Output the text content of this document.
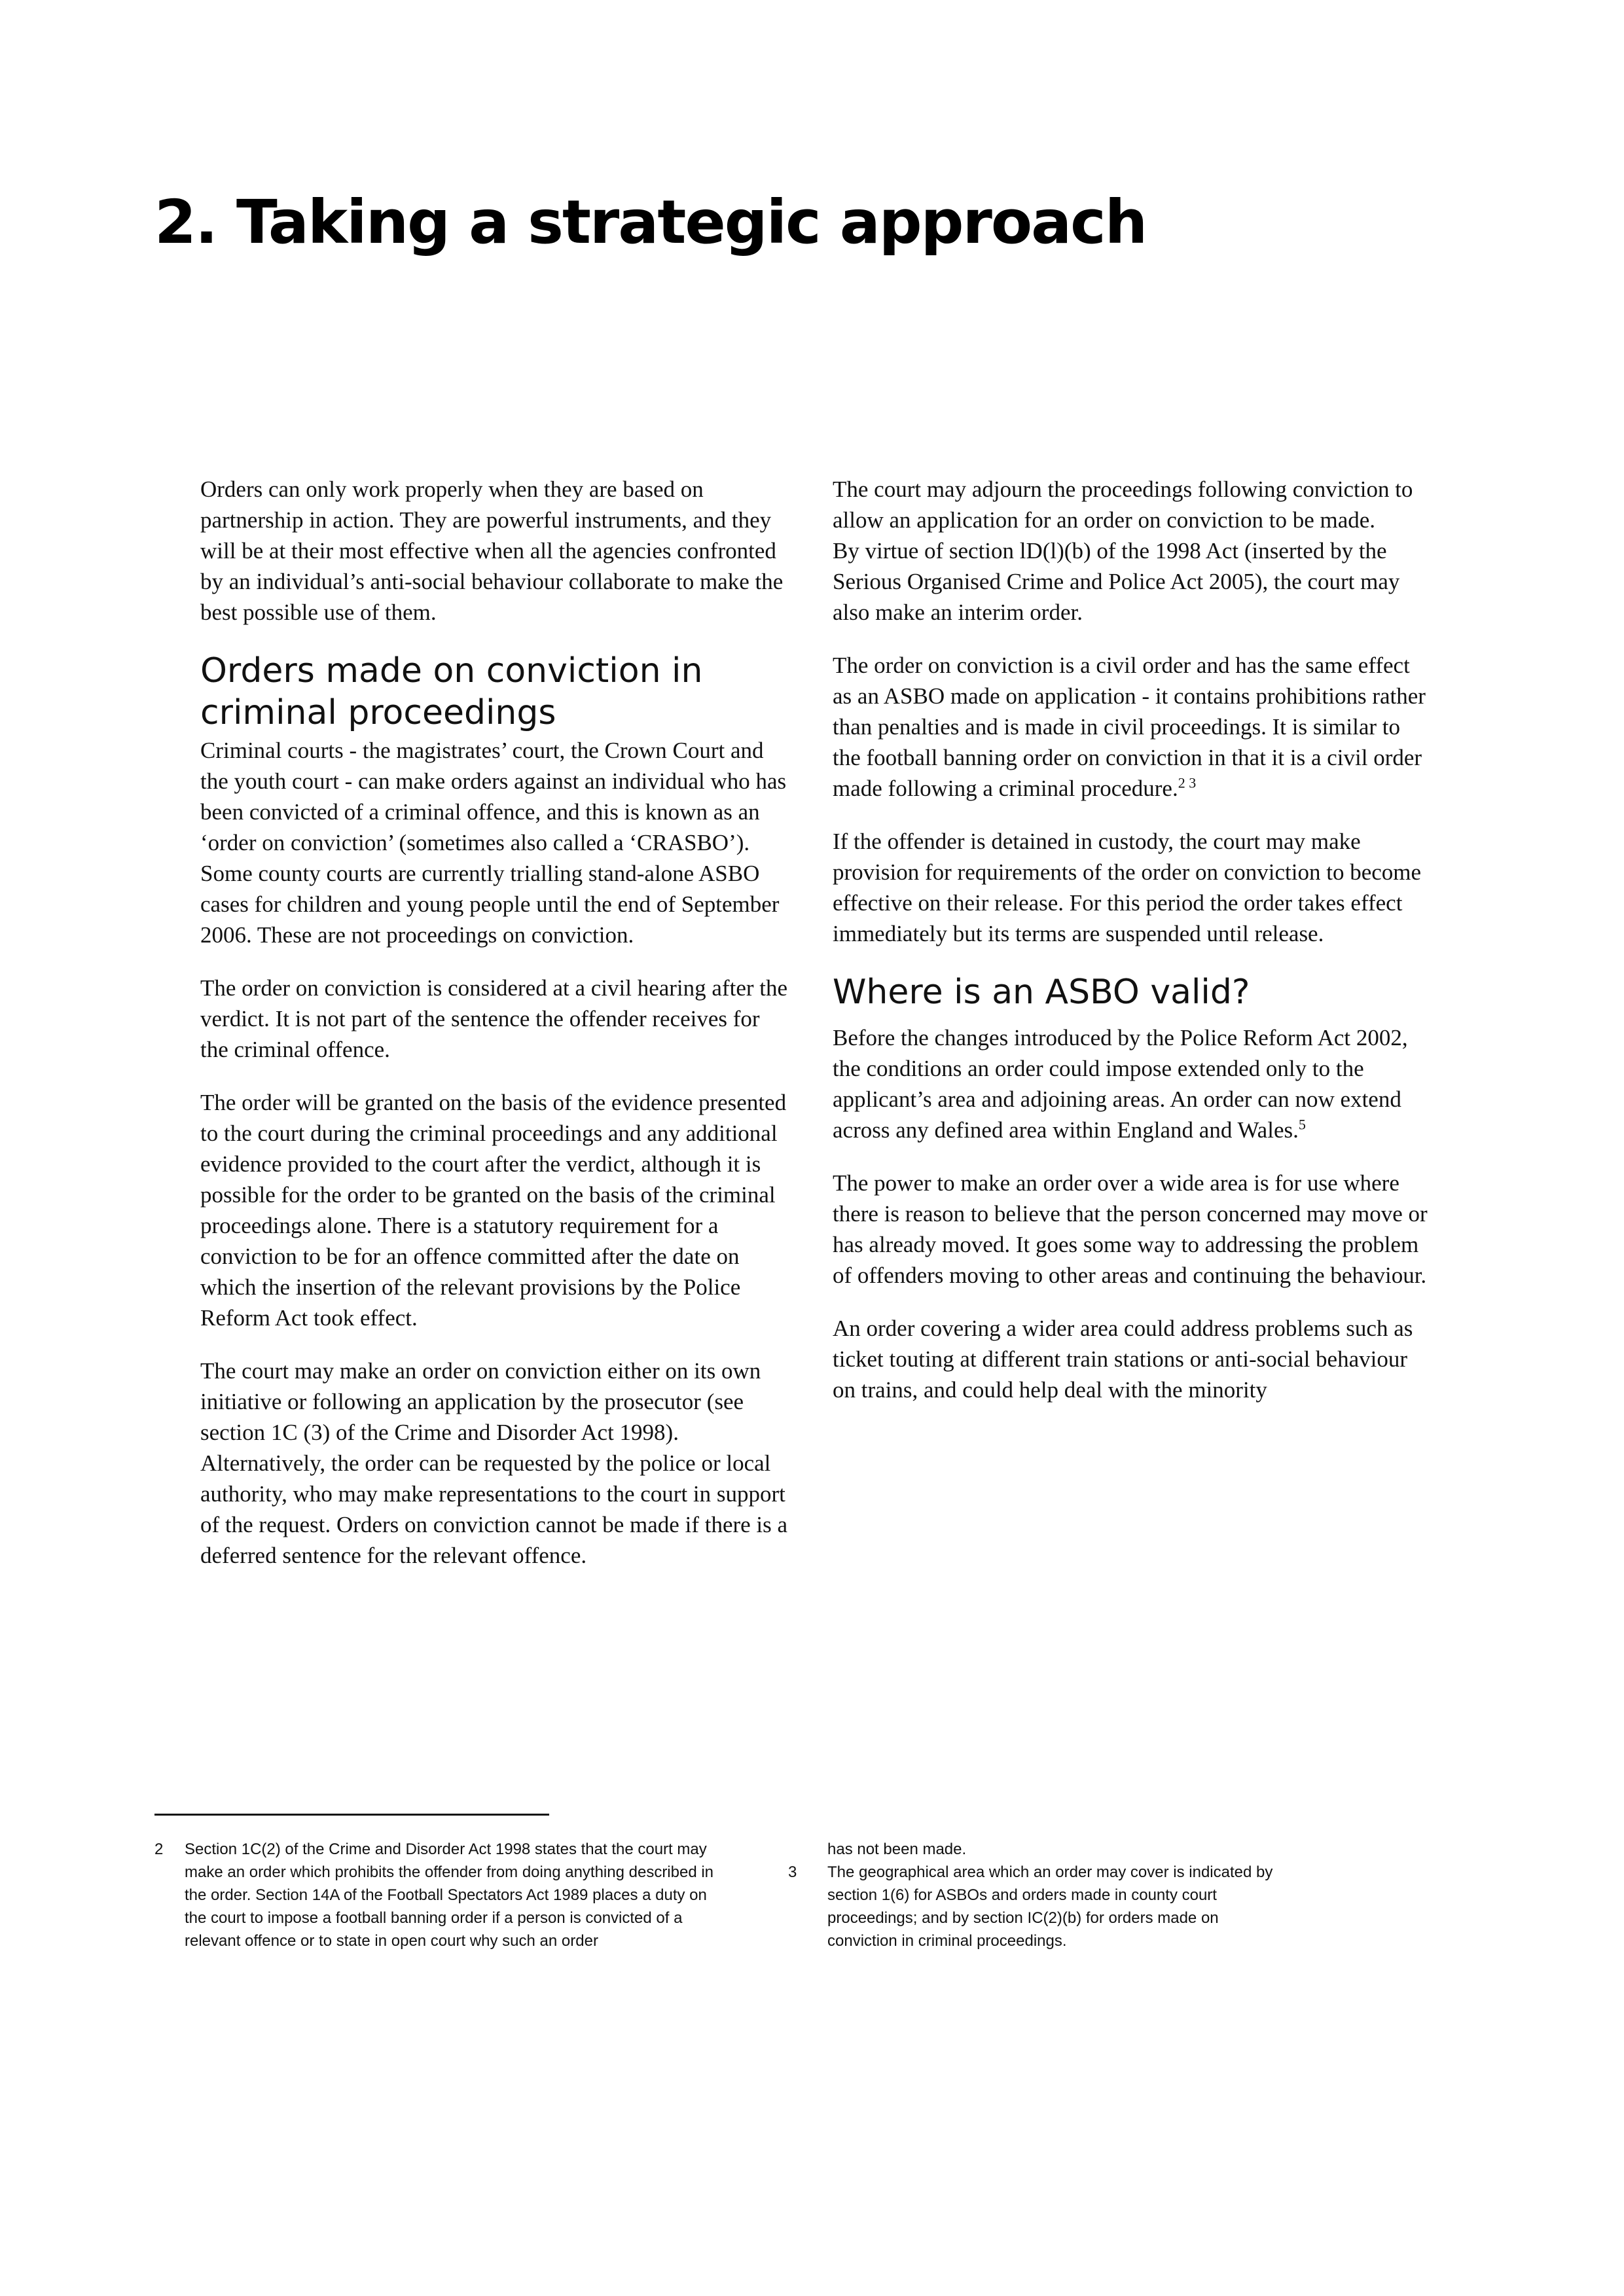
2. Taking a strategic approach

Orders can only work properly when they are based on partnership in action. They are powerful instruments, and they will be at their most effective when all the agencies confronted by an individual’s anti-social behaviour collaborate to make the best possible use of them.

Orders made on conviction in criminal proceedings

Criminal courts - the magistrates’ court, the Crown Court and the youth court - can make orders against an individual who has been convicted of a criminal offence, and this is known as an ‘order on conviction’ (sometimes also called a ‘CRASBO’). Some county courts are currently trialling stand-alone ASBO cases for children and young people until the end of September 2006. These are not proceedings on conviction.

The order on conviction is considered at a civil hearing after the verdict. It is not part of the sentence the offender receives for the criminal offence.

The order will be granted on the basis of the evidence presented to the court during the criminal proceedings and any additional evidence provided to the court after the verdict, although it is possible for the order to be granted on the basis of the criminal proceedings alone. There is a statutory requirement for a conviction to be for an offence committed after the date on which the insertion of the relevant provisions by the Police Reform Act took effect.

The court may make an order on conviction either on its own initiative or following an application by the prosecutor (see section 1C (3) of the Crime and Disorder Act 1998). Alternatively, the order can be requested by the police or local authority, who may make representations to the court in support of the request. Orders on conviction cannot be made if there is a deferred sentence for the relevant offence.

The court may adjourn the proceedings following conviction to allow an application for an order on conviction to be made.

By virtue of section lD(l)(b) of the 1998 Act (inserted by the Serious Organised Crime and Police Act 2005), the court may also make an interim order.

The order on conviction is a civil order and has the same effect as an ASBO made on application - it contains prohibitions rather than penalties and is made in civil proceedings. It is similar to the football banning order on conviction in that it is a civil order made following a criminal procedure.$^{2 3}$

If the offender is detained in custody, the court may make provision for requirements of the order on conviction to become effective on their release. For this period the order takes effect immediately but its terms are suspended until release.

Where is an ASBO valid?

Before the changes introduced by the Police Reform Act 2002, the conditions an order could impose extended only to the applicant’s area and adjoining areas. An order can now extend across any defined area within England and Wales.$^5$

The power to make an order over a wide area is for use where there is reason to believe that the person concerned may move or has already moved. It goes some way to addressing the problem of offenders moving to other areas and continuing the behaviour.

An order covering a wider area could address problems such as ticket touting at different train stations or anti-social behaviour on trains, and could help deal with the minority

2	Section 1C(2) of the Crime and Disorder Act 1998 states that the court may make an order which prohibits the offender from doing anything described in the order. Section 14A of the Football Spectators Act 1989 places a duty on the court to impose a football banning order if a person is convicted of a relevant offence or to state in open court why such an order
has not been made.
3	The geographical area which an order may cover is indicated by section 1(6) for ASBOs and orders made in county court proceedings; and by section IC(2)(b) for orders made on conviction in criminal proceedings.
